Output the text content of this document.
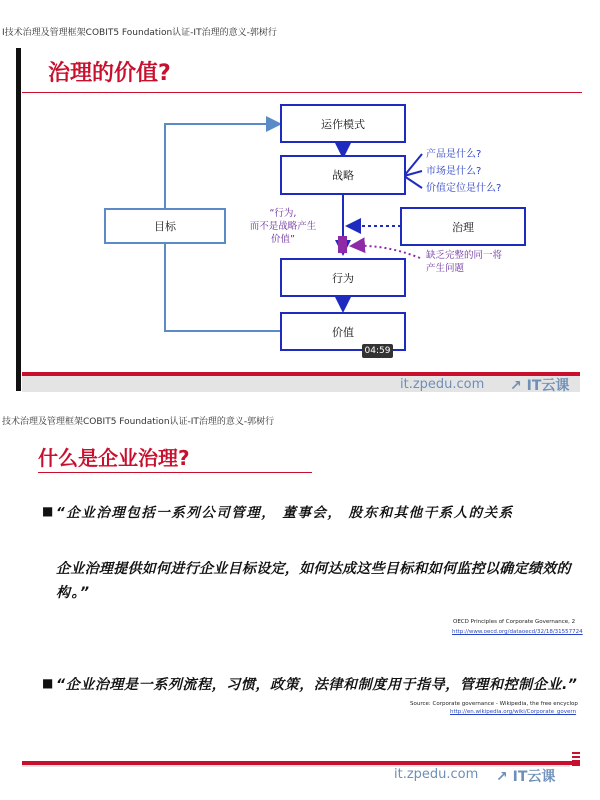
Ι技术治理及管理框架COBIT5 Foundation认证-IT治理的意义-郭树行
治理的价值?
运作模式
战略
目标	治理
行为
价值
产品是什么?
市场是什么?
价值定位是什么?
“行为,
而不是战略产生
价值”
缺乏完整的同一将
产生问题
04:59
it.zpedu.com ↗ IT云课
技术治理及管理框架COBIT5 Foundation认证-IT治理的意义-郭树行
什么是企业治理?
■ “企业治理包括一系列公司管理， 董事会， 股东和其他干系人的关系
企业治理提供如何进行企业目标设定，如何达成这些目标和如何监控以确定绩效的
构。”
OECD Principles of Corporate Governance, 2
http://www.oecd.org/dataoecd/32/18/31557724
■ “企业治理是一系列流程，习惯，政策，法律和制度用于指导，管理和控制企业.”
Source: Corporate governance - Wikipedia, the free encyclop
http://en.wikipedia.org/wiki/Corporate_govern
it.zpedu.com ↗ IT云课
